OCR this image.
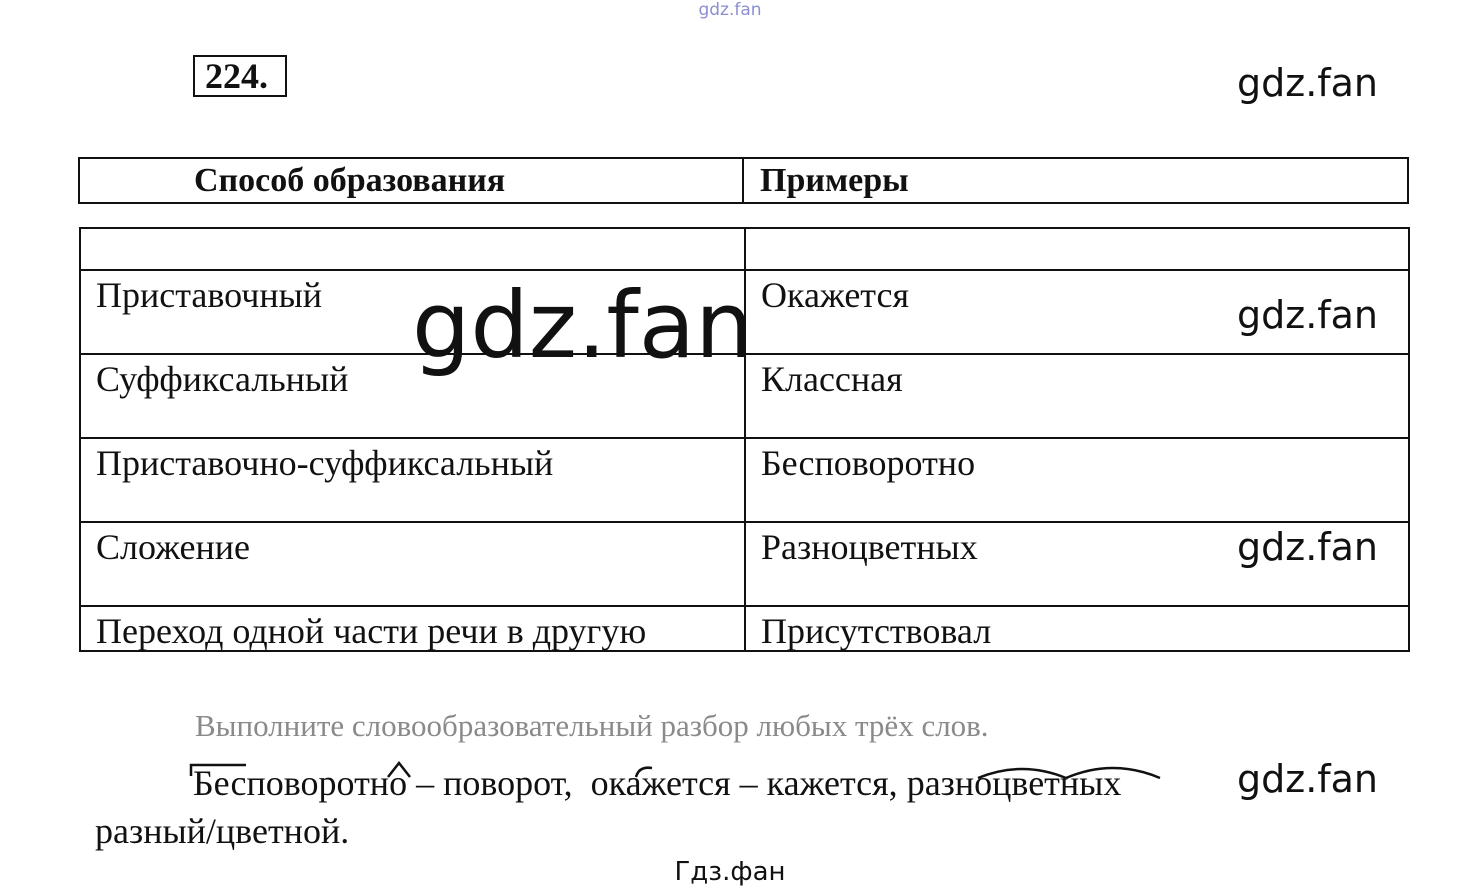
gdz.fan
224.	gdz.fan
gdz.fan
gdz.fan
gdz.fan
Способ образования	Примеры
Приставочный	Окажется
Суффиксальный	Классная
Приставочно-суффиксальный	Бесповоротно
Сложение	Разноцветных
Переход одной части речи в другую	Присутствовал
gdz.fan
Выполните словообразовательный разбор любых трёх слов.
Бесповоротно – поворот,  окажется – кажется, разноцветных
разный/цветной.
Гдз.фан
